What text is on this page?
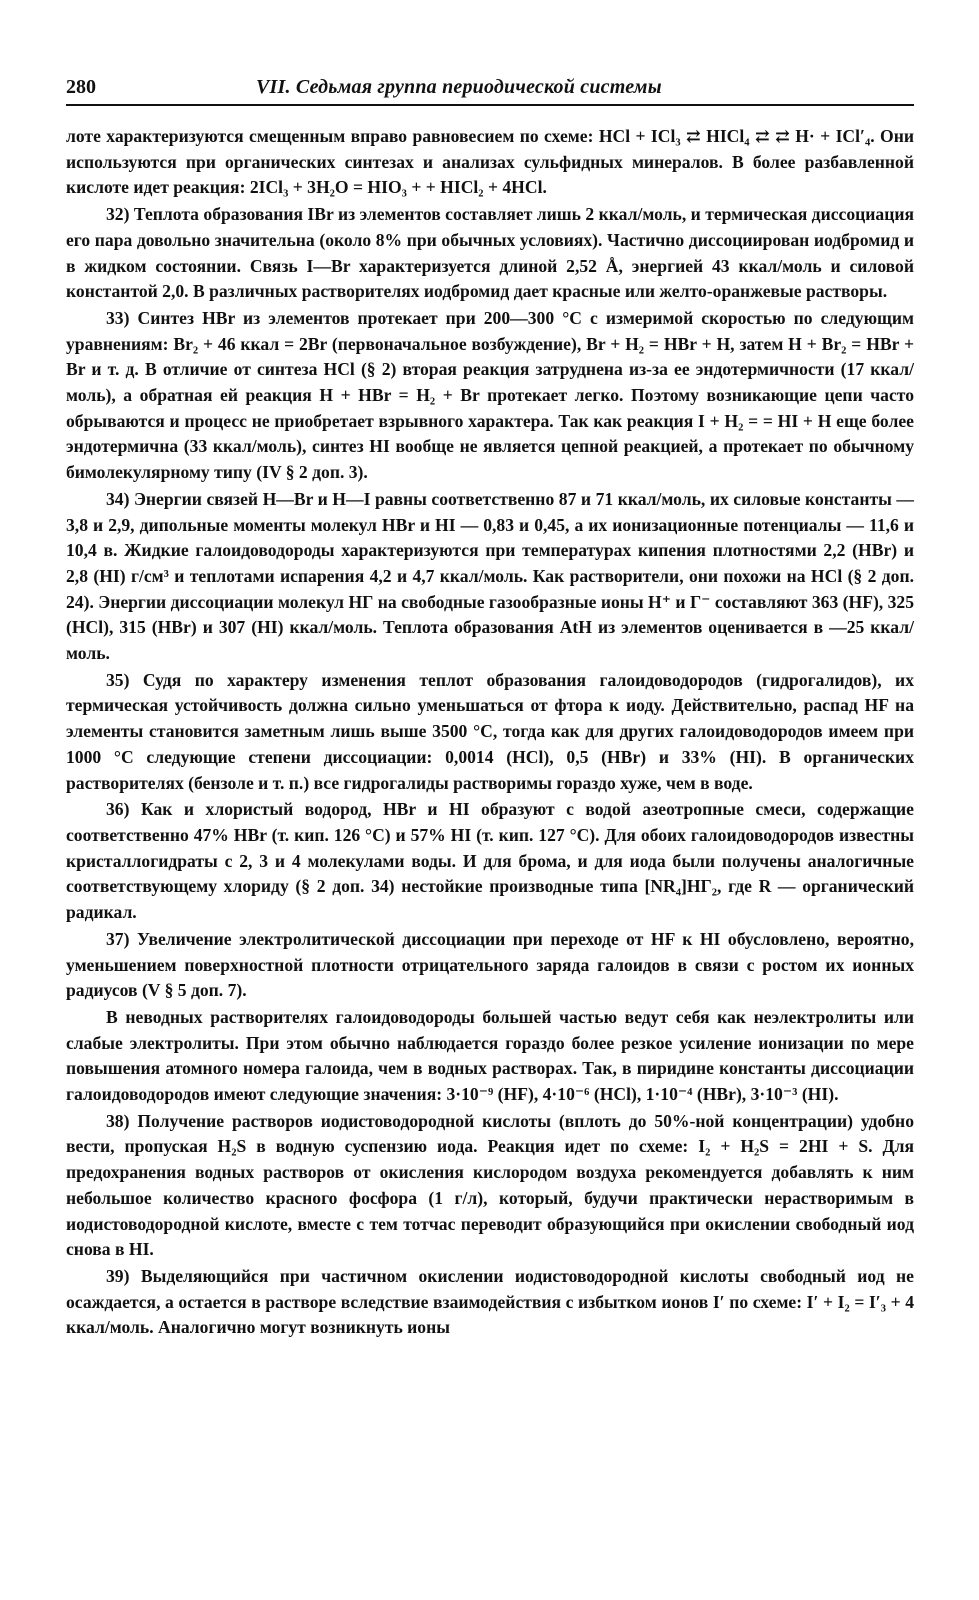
280	VII. Седьмая группа периодической системы

лоте характеризуются смещенным вправо равновесием по схеме: HCl + ICl₃ ⇄ HICl₄ ⇄ ⇄ H· + ICl′₄. Они используются при органических синтезах и анализах сульфидных минералов. В более разбавленной кислоте идет реакция: 2ICl₃ + 3H₂O = HIO₃ + + HICl₂ + 4HCl.

32) Теплота образования IBr из элементов составляет лишь 2 ккал/моль, и термическая диссоциация его пара довольно значительна (около 8% при обычных условиях). Частично диссоциирован иодбромид и в жидком состоянии. Связь I—Br характеризуется длиной 2,52 Å, энергией 43 ккал/моль и силовой константой 2,0. В различных растворителях иодбромид дает красные или желто-оранжевые растворы.

33) Синтез HBr из элементов протекает при 200—300 °C с измеримой скоростью по следующим уравнениям: Br₂ + 46 ккал = 2Br (первоначальное возбуждение), Br + H₂ = HBr + H, затем H + Br₂ = HBr + Br и т. д. В отличие от синтеза HCl (§ 2) вторая реакция затруднена из-за ее эндотермичности (17 ккал/моль), а обратная ей реакция H + HBr = H₂ + Br протекает легко. Поэтому возникающие цепи часто обрываются и процесс не приобретает взрывного характера. Так как реакция I + H₂ = = HI + H еще более эндотермична (33 ккал/моль), синтез HI вообще не является цепной реакцией, а протекает по обычному бимолекулярному типу (IV § 2 доп. 3).

34) Энергии связей H—Br и H—I равны соответственно 87 и 71 ккал/моль, их силовые константы — 3,8 и 2,9, дипольные моменты молекул HBr и HI — 0,83 и 0,45, а их ионизационные потенциалы — 11,6 и 10,4 в. Жидкие галоидоводороды характеризуются при температурах кипения плотностями 2,2 (HBr) и 2,8 (HI) г/см³ и теплотами испарения 4,2 и 4,7 ккал/моль. Как растворители, они похожи на HCl (§ 2 доп. 24). Энергии диссоциации молекул НГ на свободные газообразные ионы H⁺ и Г⁻ составляют 363 (HF), 325 (HCl), 315 (HBr) и 307 (HI) ккал/моль. Теплота образования AtH из элементов оценивается в —25 ккал/моль.

35) Судя по характеру изменения теплот образования галоидоводородов (гидрогалидов), их термическая устойчивость должна сильно уменьшаться от фтора к иоду. Действительно, распад HF на элементы становится заметным лишь выше 3500 °C, тогда как для других галоидоводородов имеем при 1000 °C следующие степени диссоциации: 0,0014 (HCl), 0,5 (HBr) и 33% (HI). В органических растворителях (бензоле и т. п.) все гидрогалиды растворимы гораздо хуже, чем в воде.

36) Как и хлористый водород, HBr и HI образуют с водой азеотропные смеси, содержащие соответственно 47% HBr (т. кип. 126 °C) и 57% HI (т. кип. 127 °C). Для обоих галоидоводородов известны кристаллогидраты с 2, 3 и 4 молекулами воды. И для брома, и для иода были получены аналогичные соответствующему хлориду (§ 2 доп. 34) нестойкие производные типа [NR₄]HГ₂, где R — органический радикал.

37) Увеличение электролитической диссоциации при переходе от HF к HI обусловлено, вероятно, уменьшением поверхностной плотности отрицательного заряда галоидов в связи с ростом их ионных радиусов (V § 5 доп. 7).

В неводных растворителях галоидоводороды большей частью ведут себя как неэлектролиты или слабые электролиты. При этом обычно наблюдается гораздо более резкое усиление ионизации по мере повышения атомного номера галоида, чем в водных растворах. Так, в пиридине константы диссоциации галоидоводородов имеют следующие значения: 3·10⁻⁹ (HF), 4·10⁻⁶ (HCl), 1·10⁻⁴ (HBr), 3·10⁻³ (HI).

38) Получение растворов иодистоводородной кислоты (вплоть до 50%-ной концентрации) удобно вести, пропуская H₂S в водную суспензию иода. Реакция идет по схеме: I₂ + H₂S = 2HI + S. Для предохранения водных растворов от окисления кислородом воздуха рекомендуется добавлять к ним небольшое количество красного фосфора (1 г/л), который, будучи практически нерастворимым в иодистоводородной кислоте, вместе с тем тотчас переводит образующийся при окислении свободный иод снова в HI.

39) Выделяющийся при частичном окислении иодистоводородной кислоты свободный иод не осаждается, а остается в растворе вследствие взаимодействия с избытком ионов I′ по схеме: I′ + I₂ = I′₃ + 4 ккал/моль. Аналогично могут возникнуть ионы
